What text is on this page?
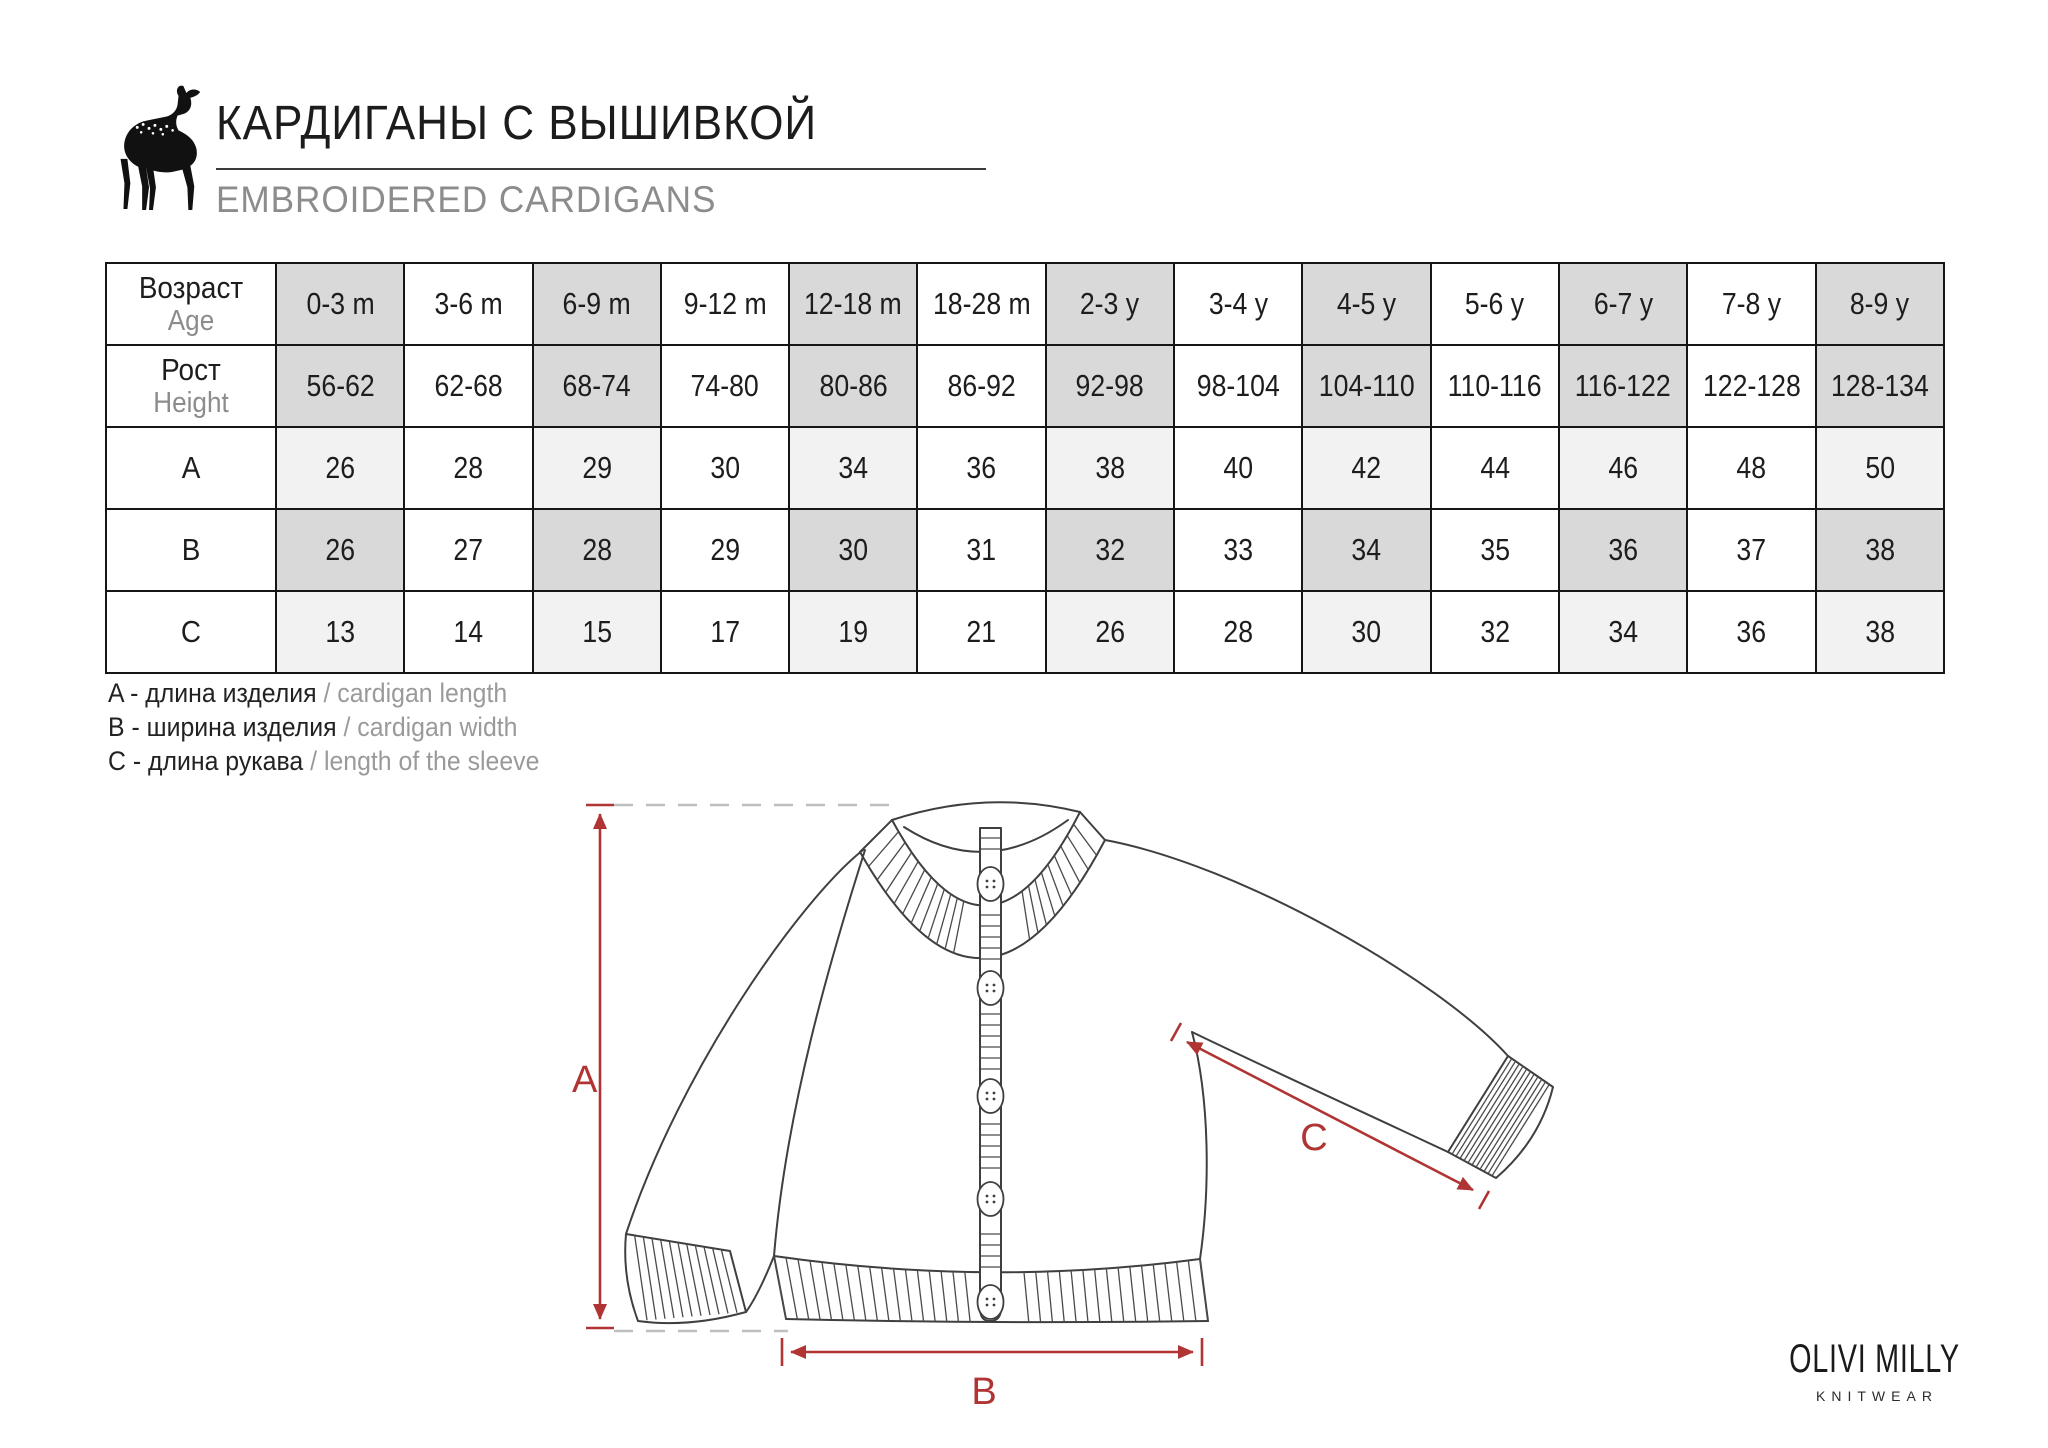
КАРДИГАНЫ С ВЫШИВКОЙ
EMBROIDERED CARDIGANS
Возраст
Age	0-3 m	3-6 m	6-9 m	9-12 m	12-18 m	18-28 m	2-3 y	3-4 y	4-5 y	5-6 y	6-7 y	7-8 y	8-9 y

Рост
Height	56-62	62-68	68-74	74-80	80-86	86-92	92-98	98-104	104-110	110-116	116-122	122-128	128-134

A	26	28	29	30	34	36	38	40	42	44	46	48	50

B	26	27	28	29	30	31	32	33	34	35	36	37	38

C	13	14	15	17	19	21	26	28	30	32	34	36	38
A - длина изделия / cardigan length
B - ширина изделия / cardigan width
C - длина рукава / length of the sleeve
A
B
C
OLIVI MILLY
KNITWEAR
